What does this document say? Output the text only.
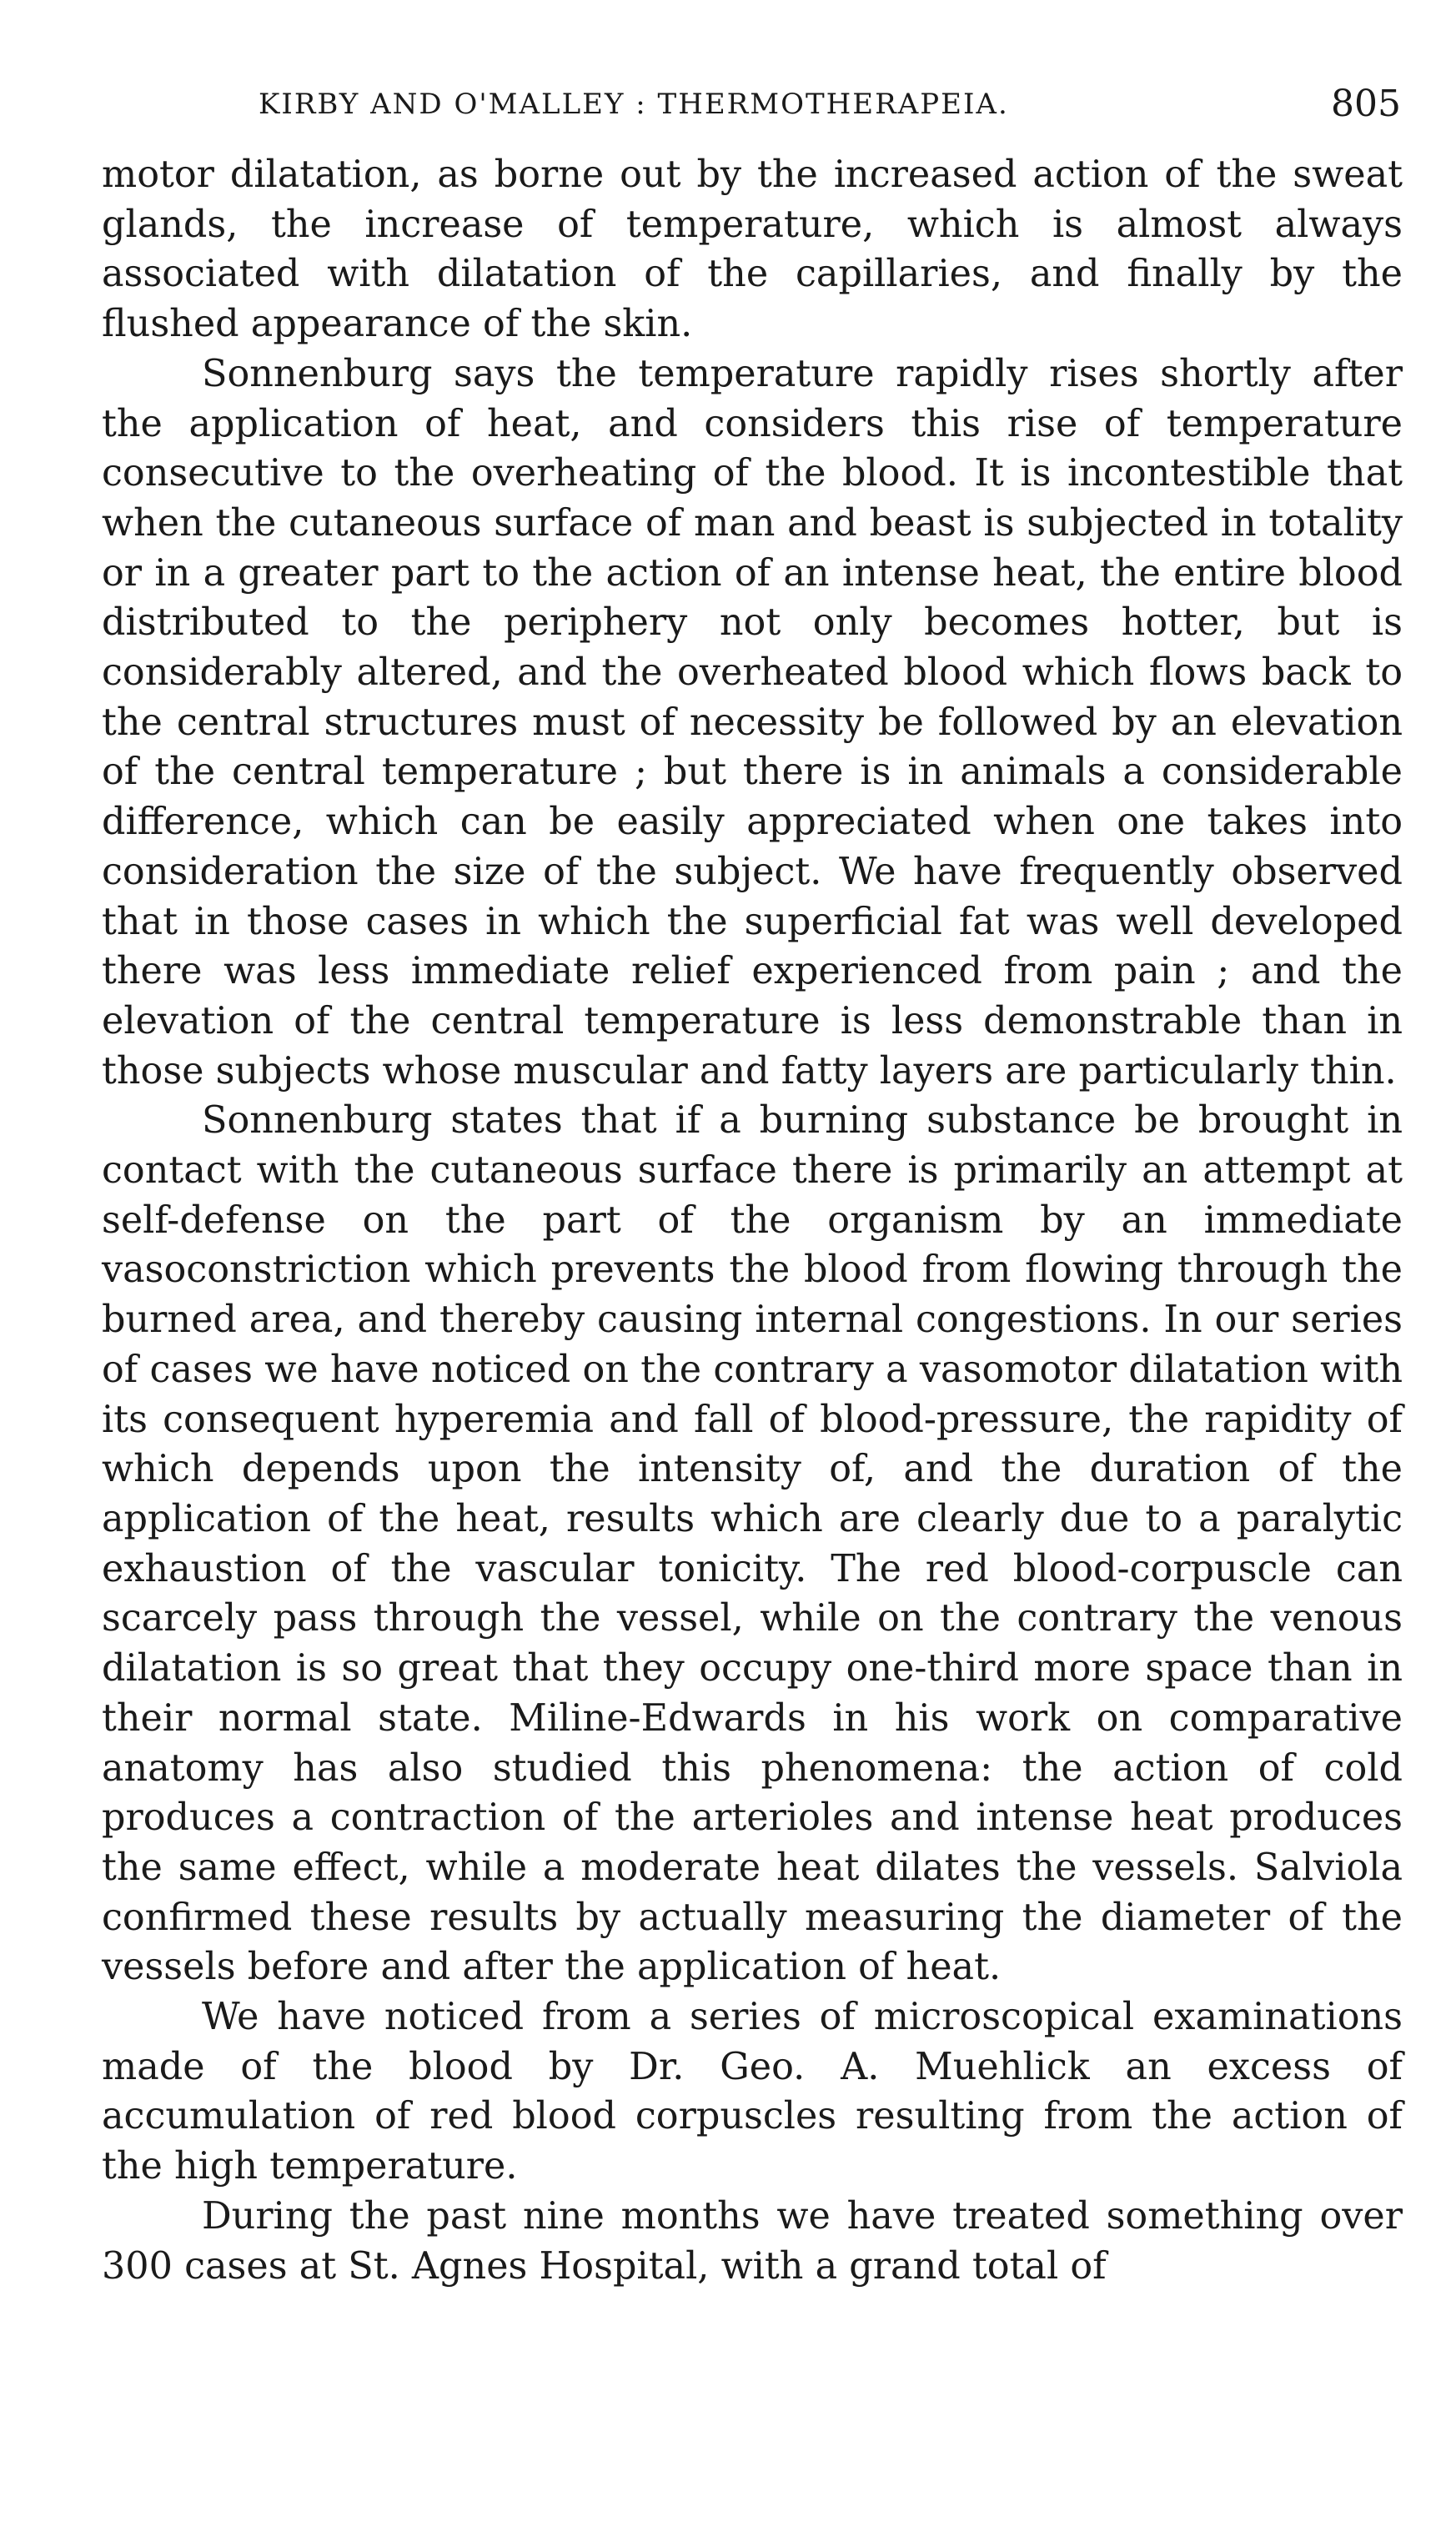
KIRBY AND O'MALLEY : THERMOTHERAPEIA.	805

motor dilatation, as borne out by the increased action of the sweat glands, the increase of temperature, which is almost always associated with dilatation of the capillaries, and finally by the flushed appearance of the skin.

Sonnenburg says the temperature rapidly rises shortly after the application of heat, and considers this rise of temperature consecutive to the overheating of the blood. It is incontestible that when the cutaneous surface of man and beast is subjected in totality or in a greater part to the action of an intense heat, the entire blood distributed to the periphery not only becomes hotter, but is considerably altered, and the overheated blood which flows back to the central structures must of necessity be followed by an elevation of the central temperature ; but there is in animals a considerable difference, which can be easily appreciated when one takes into consideration the size of the subject. We have frequently observed that in those cases in which the superficial fat was well developed there was less immediate relief experienced from pain ; and the elevation of the central temperature is less demonstrable than in those subjects whose muscular and fatty layers are particularly thin.

Sonnenburg states that if a burning substance be brought in contact with the cutaneous surface there is primarily an attempt at self-defense on the part of the organism by an immediate vasoconstriction which prevents the blood from flowing through the burned area, and thereby causing internal congestions. In our series of cases we have noticed on the contrary a vasomotor dilatation with its consequent hyperemia and fall of blood-pressure, the rapidity of which depends upon the intensity of, and the duration of the application of the heat, results which are clearly due to a paralytic exhaustion of the vascular tonicity. The red blood-corpuscle can scarcely pass through the vessel, while on the contrary the venous dilatation is so great that they occupy one-third more space than in their normal state. Miline-Edwards in his work on comparative anatomy has also studied this phenomena: the action of cold produces a contraction of the arterioles and intense heat produces the same effect, while a moderate heat dilates the vessels. Salviola confirmed these results by actually measuring the diameter of the vessels before and after the application of heat.

We have noticed from a series of microscopical examinations made of the blood by Dr. Geo. A. Muehlick an excess of accumulation of red blood corpuscles resulting from the action of the high temperature.

During the past nine months we have treated something over 300 cases at St. Agnes Hospital, with a grand total of
